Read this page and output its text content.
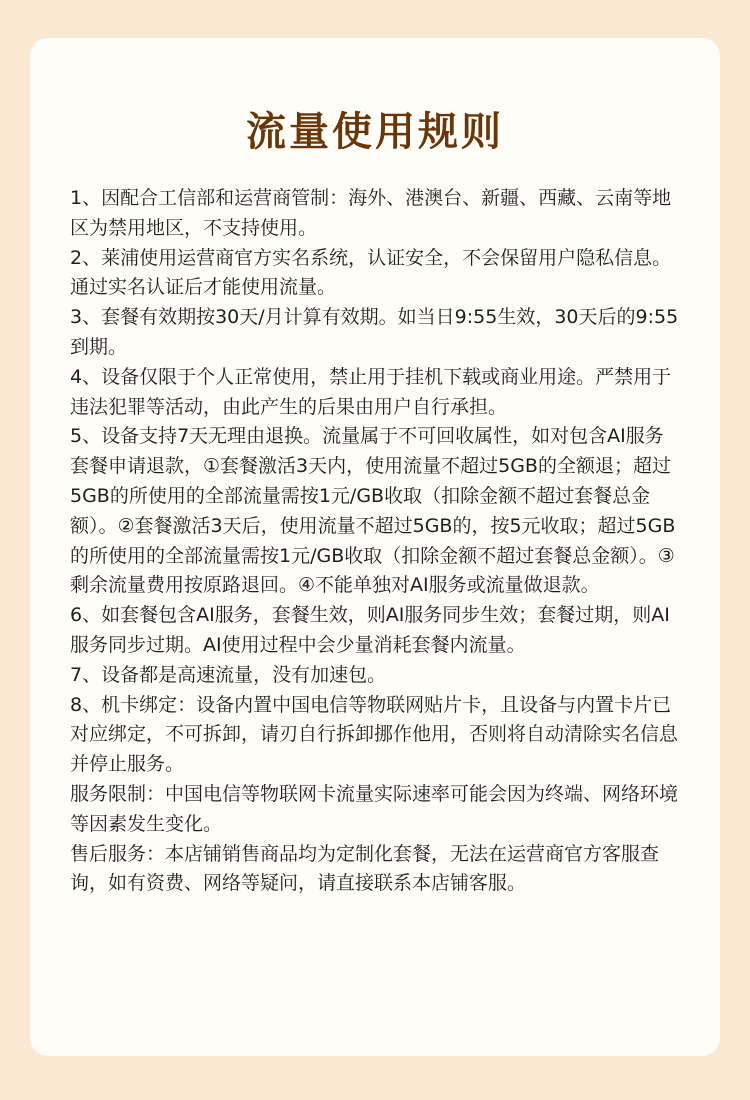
流量使用规则
1、因配合工信部和运营商管制：海外、港澳台、新疆、西藏、云南等地区为禁用地区，不支持使用。
2、莱浦使用运营商官方实名系统，认证安全，不会保留用户隐私信息。通过实名认证后才能使用流量。
3、套餐有效期按30天/月计算有效期。如当日9:55生效，30天后的9:55到期。
4、设备仅限于个人正常使用，禁止用于挂机下载或商业用途。严禁用于违法犯罪等活动，由此产生的后果由用户自行承担。
5、设备支持7天无理由退换。流量属于不可回收属性，如对包含AI服务套餐申请退款，①套餐激活3天内，使用流量不超过5GB的全额退；超过5GB的所使用的全部流量需按1元/GB收取（扣除金额不超过套餐总金额）。②套餐激活3天后，使用流量不超过5GB的，按5元收取；超过5GB的所使用的全部流量需按1元/GB收取（扣除金额不超过套餐总金额）。③剩余流量费用按原路退回。④不能单独对AI服务或流量做退款。
6、如套餐包含AI服务，套餐生效，则AI服务同步生效；套餐过期，则AI服务同步过期。AI使用过程中会少量消耗套餐内流量。
7、设备都是高速流量，没有加速包。
8、机卡绑定：设备内置中国电信等物联网贴片卡，且设备与内置卡片已对应绑定，不可拆卸，请刃自行拆卸挪作他用，否则将自动清除实名信息并停止服务。
服务限制：中国电信等物联网卡流量实际速率可能会因为终端、网络环境等因素发生变化。
售后服务：本店铺销售商品均为定制化套餐，无法在运营商官方客服查询，如有资费、网络等疑问，请直接联系本店铺客服。
